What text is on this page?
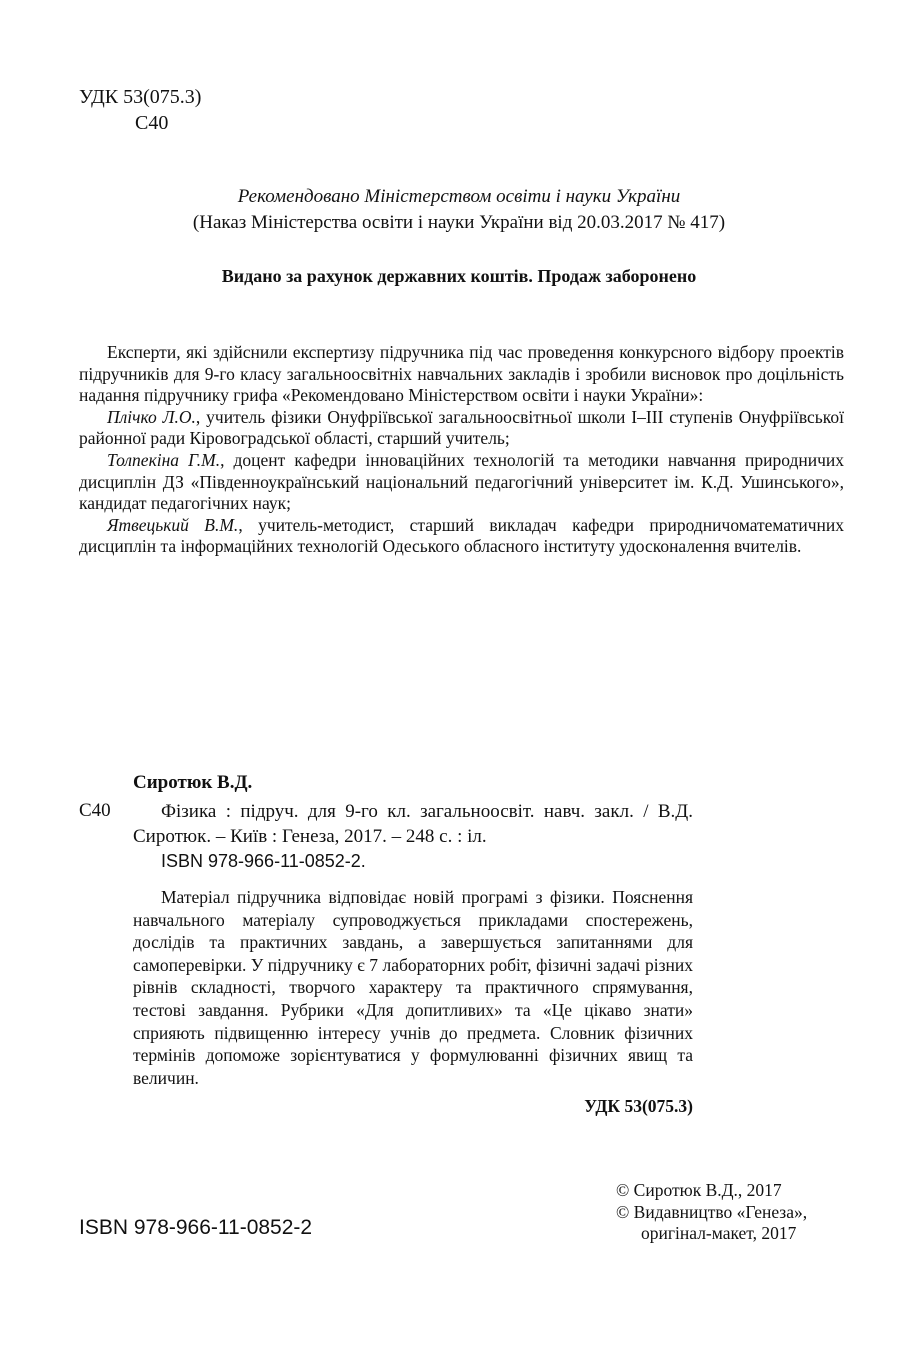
УДК 53(075.3)
С40
Рекомендовано Міністерством освіти і науки України
(Наказ Міністерства освіти і науки України від 20.03.2017 № 417)
Видано за рахунок державних коштів. Продаж заборонено

Експерти, які здійснили експертизу підручника під час проведення конкурсного відбору проектів підручників для 9-го класу загальноосвітніх навчальних закладів і зробили висновок про доцільність надання підручнику грифа «Рекомендовано Міністерством освіти і науки України»:

Плічко Л.О., учитель фізики Онуфріївської загальноосвітньої школи І–ІІІ ступенів Онуфріївської районної ради Кіровоградської області, старший учитель;

Толпекіна Г.М., доцент кафедри інноваційних технологій та методики навчання природничих дисциплін ДЗ «Південноукраїнський національний педагогічний університет ім. К.Д. Ушинського», кандидат педагогічних наук;

Ятвецький В.М., учитель-методист, старший викладач кафедри природничоматематичних дисциплін та інформаційних технологій Одеського обласного інституту удосконалення вчителів.

Сиротюк В.Д.
С40	Фізика : підруч. для 9-го кл. загальноосвіт. навч. закл. / В.Д. Сиротюк. – Київ : Генеза, 2017. – 248 с. : іл.

ISBN 978-966-11-0852-2.

Матеріал підручника відповідає новій програмі з фізики. Пояснення навчального матеріалу супроводжується прикладами спостережень, дослідів та практичних завдань, а завершується запитаннями для самоперевірки. У підручнику є 7 лабораторних робіт, фізичні задачі різних рівнів складності, творчого характеру та практичного спрямування, тестові завдання. Рубрики «Для допитливих» та «Це цікаво знати» сприяють підвищенню інтересу учнів до предмета. Словник фізичних термінів допоможе зорієнтуватися у формулюванні фізичних явищ та величин.

УДК 53(075.3)
© Сиротюк В.Д., 2017
© Видавництво «Генеза»,
оригінал-макет, 2017
ISBN 978-966-11-0852-2
